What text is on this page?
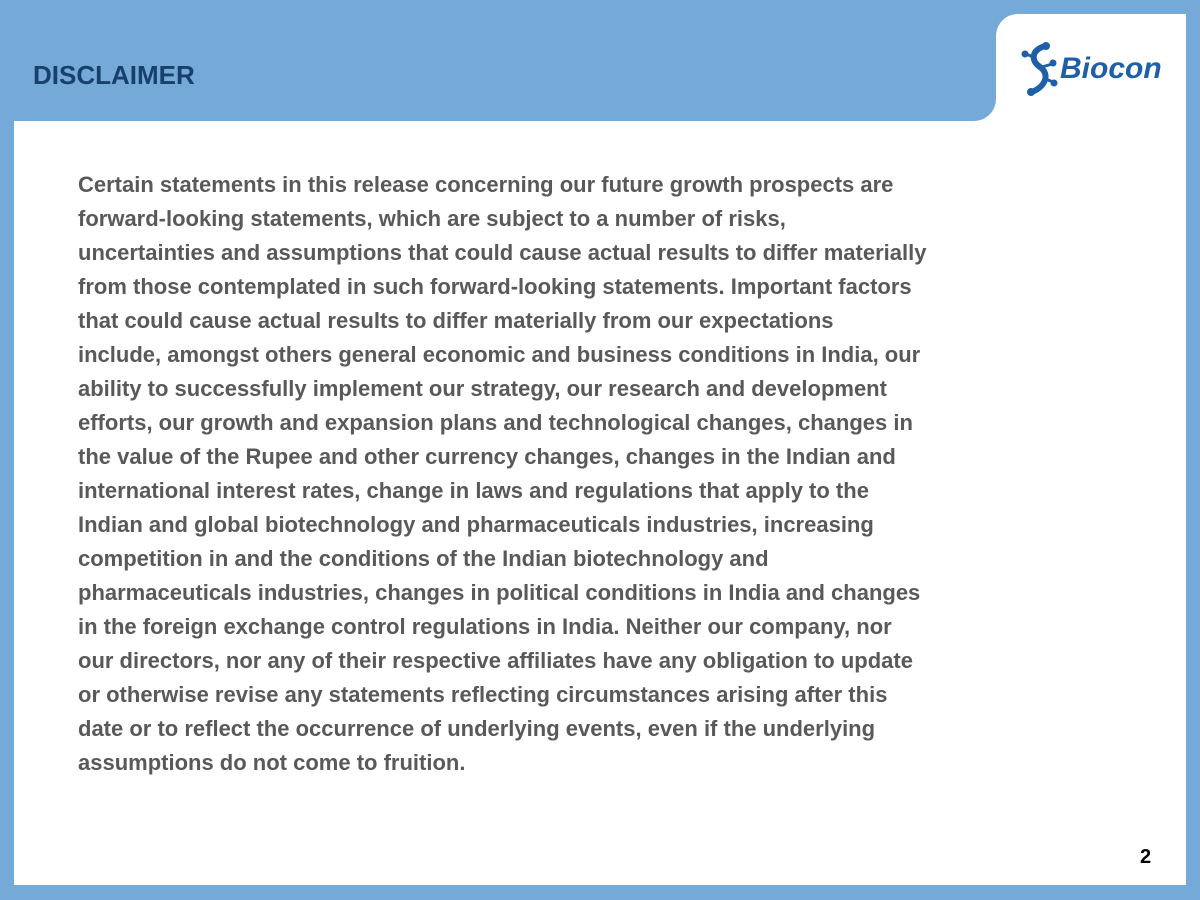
DISCLAIMER	Biocon

Certain statements in this release concerning our future growth prospects are
forward-looking statements, which are subject to a number of risks,
uncertainties and assumptions that could cause actual results to differ materially
from those contemplated in such forward-looking statements. Important factors
that could cause actual results to differ materially from our expectations
include, amongst others general economic and business conditions in India, our
ability to successfully implement our strategy, our research and development
efforts, our growth and expansion plans and technological changes, changes in
the value of the Rupee and other currency changes, changes in the Indian and
international interest rates, change in laws and regulations that apply to the
Indian and global biotechnology and pharmaceuticals industries, increasing
competition in and the conditions of the Indian biotechnology and
pharmaceuticals industries, changes in political conditions in India and changes
in the foreign exchange control regulations in India. Neither our company, nor
our directors, nor any of their respective affiliates have any obligation to update
or otherwise revise any statements reflecting circumstances arising after this
date or to reflect the occurrence of underlying events, even if the underlying
assumptions do not come to fruition.

2
